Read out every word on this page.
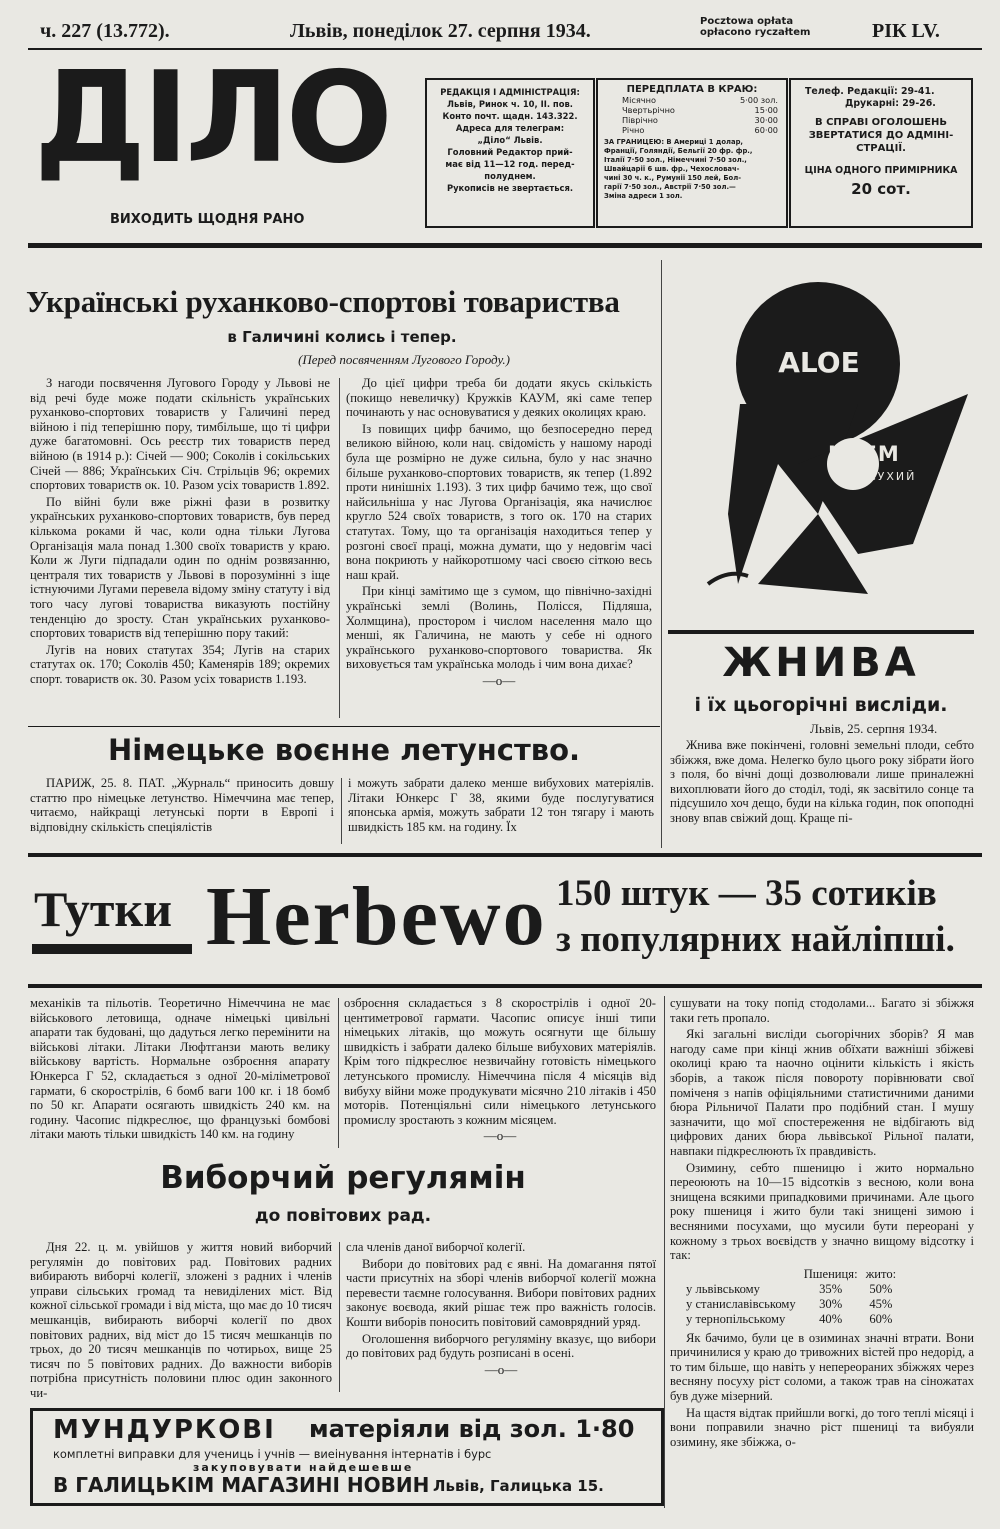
ч. 227 (13.772).	Львів, понеділок 27. серпня 1934.	Pocztowa opłata
opłacono ryczałtem	РІК LV.
ДІЛО
ВИХОДИТЬ ЩОДНЯ РАНО
РЕДАКЦІЯ І АДМІНІСТРАЦІЯ:
Львів, Ринок ч. 10, II. пов.
Конто почт. щадн. 143.322.
Адреса для телеграм:
„Діло“ Львів.
Головний Редактор прий-
має від 11—12 год. перед-
полуднем.
Рукописів не звертається.
ПЕРЕДПЛАТА В КРАЮ:
Місячно	5·00 зол.
Чвертьрічно	15·00
Піврічно	30·00
Річно	60·00
ЗА ГРАНИЦЕЮ: В Америці 1 долар,
Франції, Голяндії, Бельгії 20 фр. фр.,
Італії 7·50 зол., Німеччині 7·50 зол.,
Швайцарії 6 шв. фр., Чехословач-
чині 30 ч. к., Румунії 150 лей, Бол-
гарії 7·50 зол., Австрії 7·50 зол.—
Зміна адреси 1 зол.
Телеф. Редакції: 29-41.
Друкарні: 29-26.
В СПРАВІ ОГОЛОШЕНЬ
ЗВЕРТАТИСЯ ДО АДМІНІ-
СТРАЦІЇ.
ЦІНА ОДНОГО ПРИМІРНИКА
20 сот.
Українські руханково-спортові товариства
в Галичині колись і тепер.
(Перед посвяченням Лугового Городу.)

З нагоди посвячення Лугового Городу у Львові не від речі буде може подати скільність українських руханково-спортових товариств у Галичині перед війною і під теперішню пору, тимбільше, що ті цифри дуже багатомовні. Ось реєстр тих товариств перед війною (в 1914 р.): Січей — 900; Соколів і сокільських Січей — 886; Українських Січ. Стрільців 96; окремих спортових товариств ок. 10. Разом усіх товариств 1.892.

По війні були вже ріжні фази в розвитку українських руханково-спортових товариств, був перед кількома роками й час, коли одна тільки Лугова Організація мала понад 1.300 своїх товариств у краю. Коли ж Луги підпадали один по однім розвязанню, централя тих товариств у Львові в порозумінні з іще істнуючими Лугами перевела відому зміну статуту і від того часу лугові товариства виказують постійну тенденцію до зросту. Стан українських руханково-спортових товариств від теперішню пору такий:

Лугів на нових статутах 354; Лугів на старих статутах ок. 170; Соколів 450; Каменярів 189; окремих спорт. товариств ок. 30. Разом усіх товариств 1.193.

До цієї цифри треба би додати якусь скількість (покищо невеличку) Кружків КАУМ, які саме тепер починають у нас основуватися у деяких околицях краю.

Із повищих цифр бачимо, що безпосередно перед великою війною, коли нац. свідомість у нашому народі була ще розмірно не дуже сильна, було у нас значно більше руханково-спортових товариств, як тепер (1.892 проти нинішніх 1.193). З тих цифр бачимо теж, що свої найсильніша у нас Лугова Організація, яка начислює кругло 524 своїх товариств, з того ок. 170 на старих статутах. Тому, що та організація находиться тепер у розгоні своєї праці, можна думати, що у недовгім часі вона покриють у найкоротшому часі своєю сіткою весь наш край.

При кінці замітимо ще з сумом, що північно-західні українські землі (Волинь, Полісся, Підляша, Холмщина), простором і числом населення мало що менші, як Галичина, не мають у себе ні одного українського руханково-спортового товариства. Як виховується там українська молодь і чим вона дихає?

—o—
ALOE
КРЕМ
СУХИЙ
ЖНИВА
і їх цьогорічні висліди.
Львів, 25. серпня 1934.

Жнива вже покінчені, головні земельні плоди, себто збіжжя, вже дома. Нелегко було цього року зібрати його з поля, бо вічні дощі дозволювали лише приналежні вихоплювати його до стоділ, тоді, як засвітило сонце та підсушило хоч дещо, буди на кілька годин, пок опоподні знову впав свіжий дощ. Краще пі-

Німецьке воєнне летунство.

ПАРИЖ, 25. 8. ПАТ. „Журналь“ приносить довшу статтю про німецьке летунство. Німеччина має тепер, читаємо, найкращі летунські порти в Европі і відповідну скількість спеціялістів

і можуть забрати далеко менше вибухових матеріялів. Літаки Юнкерс Г 38, якими буде послугуватися японська армія, можуть забрати 12 тон тягару і мають швидкість 185 км. на годину. Їх

Тутки Herbewo 150 штук — 35 сотиків
з популярних найліпші.

механіків та пільотів. Теоретично Німеччина не має військового летовища, одначе німецькі цивільні апарати так будовані, що дадуться легко перемінити на військові літаки. Літаки Люфтганзи мають велику військову вартість. Нормальне озброєння апарату Юнкерса Г 52, складається з одної 20-міліметрової гармати, 6 скорострілів, 6 бомб ваги 100 кг. і 18 бомб по 50 кг. Апарати осягають швидкість 240 км. на годину. Часопис підкреслює, що французькі бомбові літаки мають тільки швидкість 140 км. на годину

озброєння складається з 8 скорострілів і одної 20-центиметрової гармати. Часопис описує інші типи німецьких літаків, що можуть осягнути ще більшу швидкість і забрати далеко більше вибухових матеріялів. Крім того підкреслює незвичайну готовість німецького летунського промислу. Німеччина після 4 місяців від вибуху війни може продукувати місячно 210 літаків і 450 моторів. Потенціяльні сили німецького летунського промислу зростають з кожним місяцем.

—o—
Виборчий регулямін
до повітових рад.

Дня 22. ц. м. увійшов у життя новий виборчий регулямін до повітових рад. Повітових радних вибирають виборчі колегії, зложені з радних і членів управи сільських громад та невиділених міст. Від кожної сільської громади і від міста, що має до 10 тисяч мешканців, вибирають виборчі колегії по двох повітових радних, від міст до 15 тисяч мешканців по трьох, до 20 тисяч мешканців по чотирьох, вище 25 тисяч по 5 повітових радних. До важности виборів потрібна присутність половини плюс один законного чи-

сла членів даної виборчої колегії.

Вибори до повітових рад є явні. На домагання пятої части присутніх на зборі членів виборчої колегії можна перевести таємне голосування. Вибори повітових радних законує воєвода, який рішає теж про важність голосів. Кошти виборів поносить повітовий самоврядний уряд.

Оголошення виборчого регуляміну вказує, що вибори до повітових рад будуть розписані в осені.

—o—

сушувати на току попід стодолами... Багато зі збіжжя таки геть пропало.

Які загальні висліди сьогорічних зборів? Я мав нагоду саме при кінці жнив обїхати важніші збіжеві околиці краю та наочно оцінити кількість і якість зборів, а також після повороту порівнювати свої поміченя з напів офіціяльними статистичними даними бюра Рільничої Палати про подібний стан. І мушу зазначити, що мої спостереження не відбігають від цифрових даних бюра львівської Рільної палати, навпаки підкреслюють їх правдивість.

Озимину, себто пшеницю і жито нормально переоюють на 10—15 відсотків з весною, коли вона знищена всякими припадковими причинами. Але цього року пшениця і жито були такі знищені зимою і весняними посухами, що мусили бути переорані у кожному з трьох воєвідств у значно вищому відсотку і так:

	Пшениця:	жито:
у львівському	35%	50%
у станиславівському	30%	45%
у тернопільському	40%	60%

Як бачимо, були це в озиминах значні втрати. Вони причинилися у краю до тривожних вістей про недорід, а то тим більше, що навіть у непереораних збіжжях через весняну посуху ріст соломи, а також трав на сіножатах був дуже мізерний.

На щастя відтак прийшли вогкі, до того теплі місяці і вони поправили значно ріст пшениці та вибуяли озимину, яке збіжжа, о-

МУНДУРКОВІ матеріяли від зол. 1·80
комплетні виправки для учениць і учнів — виеінування інтернатів і бурс
закуповувати найдешевше
В ГАЛИЦЬКІМ МАГАЗИНІ НОВИН Львів, Галицька 15.
